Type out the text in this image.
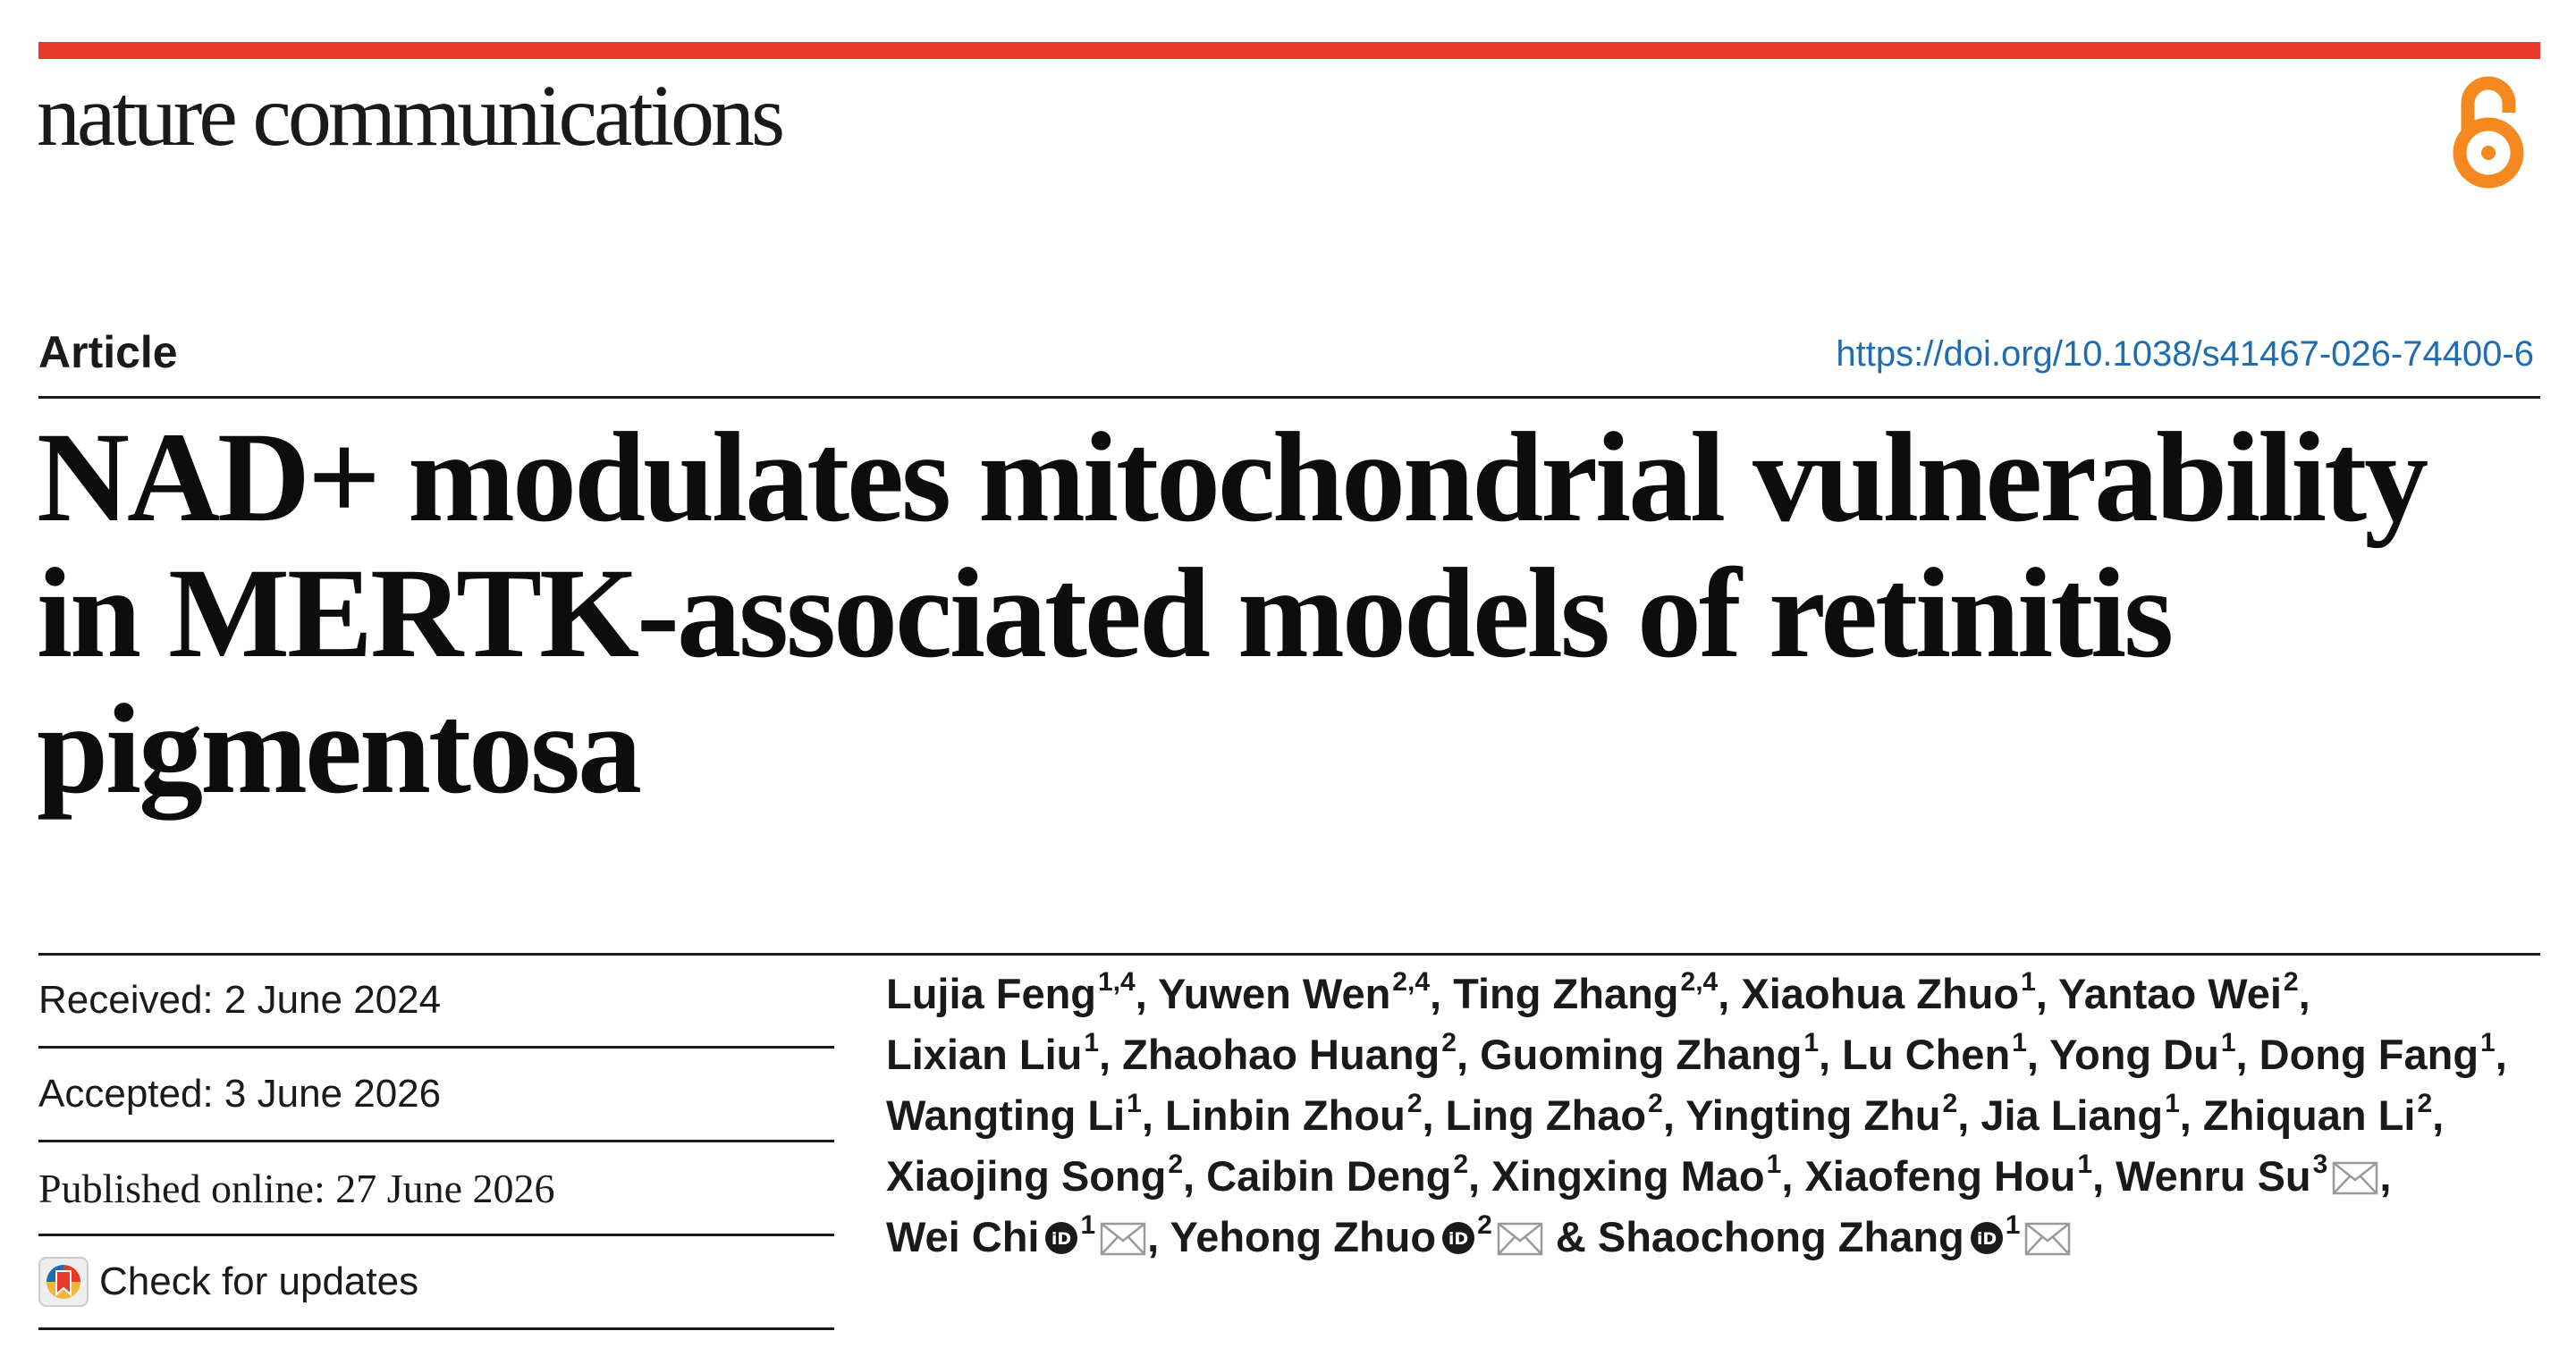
nature communications
Article	https://doi.org/10.1038/s41467-026-74400-6
NAD+ modulates mitochondrial vulnerability in MERTK-associated models of retinitis pigmentosa
Received: 2 June 2024
Accepted: 3 June 2026
Published online: 27 June 2026
Check for updates
Lujia Feng$^{1,4}$, Yuwen Wen$^{2,4}$, Ting Zhang$^{2,4}$, Xiaohua Zhuo$^1$, Yantao Wei$^2$, Lixian Liu$^1$, Zhaohao Huang$^2$, Guoming Zhang$^1$, Lu Chen$^1$, Yong Du$^1$, Dong Fang$^1$, Wangting Li$^1$, Linbin Zhou$^2$, Ling Zhao$^2$, Yingting Zhu$^2$, Jia Liang$^1$, Zhiquan Li$^2$, Xiaojing Song$^2$, Caibin Deng$^2$, Xingxing Mao$^1$, Xiaofeng Hou$^1$, Wenru Su$^3$ , Wei Chi iD $^1$ , Yehong Zhuo iD $^2$ & Shaochong Zhang iD $^1$
